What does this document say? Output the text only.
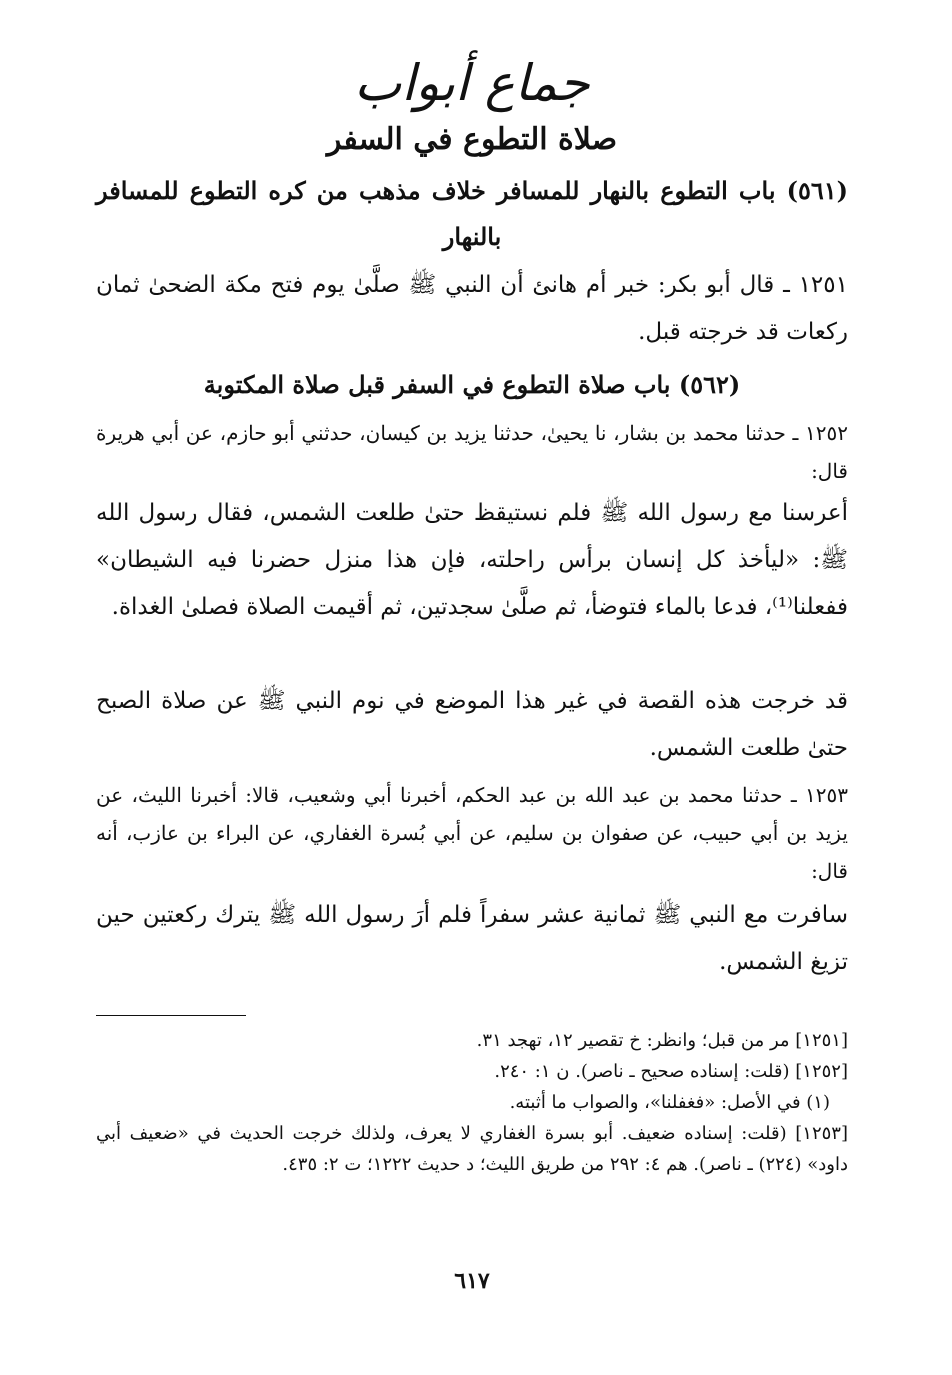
جماع أبواب
صلاة التطوع في السفر
(٥٦١) باب التطوع بالنهار للمسافر خلاف مذهب من كره التطوع للمسافر بالنهار
١٢٥١ ـ قال أبو بكر: خبر أم هانئ أن النبي ﷺ صلَّىٰ يوم فتح مكة الضحىٰ ثمان ركعات قد خرجته قبل.
(٥٦٢) باب صلاة التطوع في السفر قبل صلاة المكتوبة
١٢٥٢ ـ حدثنا محمد بن بشار، نا يحيىٰ، حدثنا يزيد بن كيسان، حدثني أبو حازم، عن أبي هريرة قال:
أعرسنا مع رسول الله ﷺ فلم نستيقظ حتىٰ طلعت الشمس، فقال رسول الله ﷺ: «ليأخذ كل إنسان برأس راحلته، فإن هذا منزل حضرنا فيه الشيطان» ففعلنا⁽¹⁾، فدعا بالماء فتوضأ، ثم صلَّىٰ سجدتين، ثم أقيمت الصلاة فصلىٰ الغداة.
قد خرجت هذه القصة في غير هذا الموضع في نوم النبي ﷺ عن صلاة الصبح حتىٰ طلعت الشمس.
١٢٥٣ ـ حدثنا محمد بن عبد الله بن عبد الحكم، أخبرنا أبي وشعيب، قالا: أخبرنا الليث، عن يزيد بن أبي حبيب، عن صفوان بن سليم، عن أبي بُسرة الغفاري، عن البراء بن عازب، أنه قال:
سافرت مع النبي ﷺ ثمانية عشر سفراً فلم أرَ رسول الله ﷺ يترك ركعتين حين تزيغ الشمس.
[١٢٥١] مر من قبل؛ وانظر: خ تقصير ١٢، تهجد ٣١.
[١٢٥٢] (قلت: إسناده صحيح ـ ناصر). ن ١: ٢٤٠.
(١) في الأصل: «فغفلنا»، والصواب ما أثبته.
[١٢٥٣] (قلت: إسناده ضعيف. أبو بسرة الغفاري لا يعرف، ولذلك خرجت الحديث في «ضعيف أبي داود» (٢٢٤) ـ ناصر). هم ٤: ٢٩٢ من طريق الليث؛ د حديث ١٢٢٢؛ ت ٢: ٤٣٥.
٦١٧
